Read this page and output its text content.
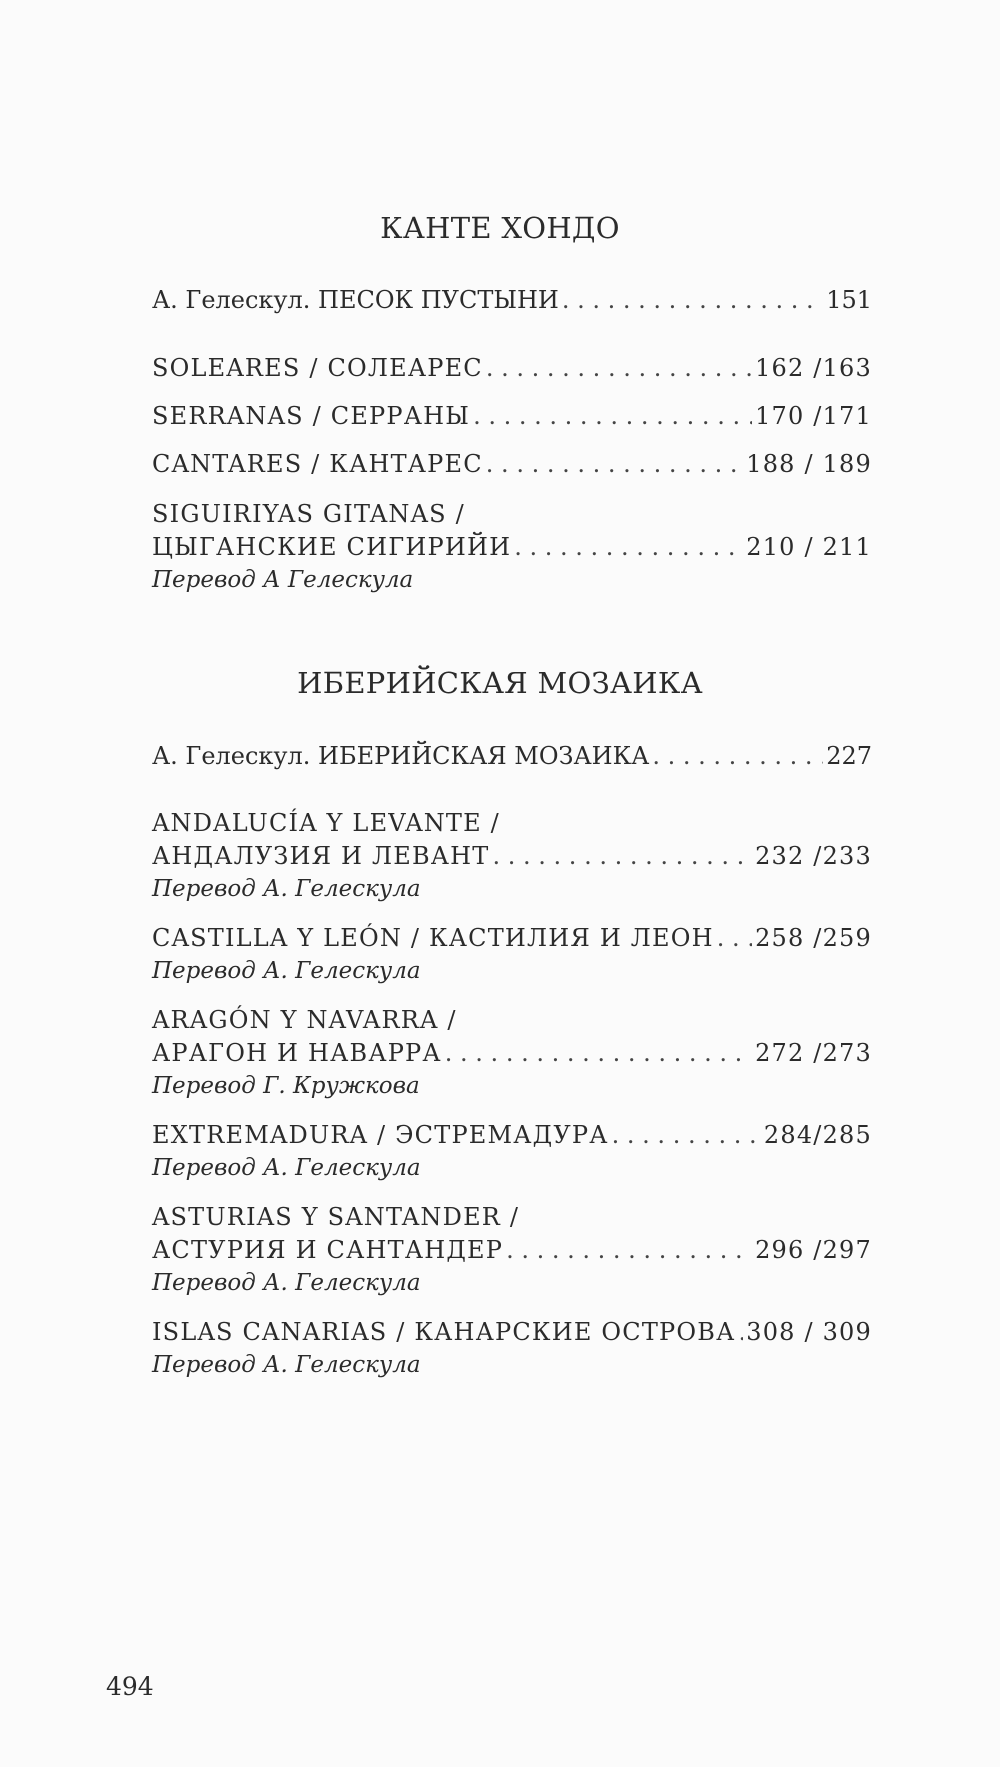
КАНТЕ ХОНДО
А. Гелескул. ПЕСОК ПУСТЫНИ . . .	151
SOLEARES / СОЛЕАРЕС . . .	162 /163
SERRANAS / СЕРРАНЫ . . .	170 /171
CANTARES / КАНТАРЕС . . .	188 / 189
SIGUIRIYAS GITANAS /
ЦЫГАНСКИЕ СИГИРИЙИ . . .	210 / 211
Перевод А Гелескула
ИБЕРИЙСКАЯ МОЗАИКА
А. Гелескул. ИБЕРИЙСКАЯ МОЗАИКА . . .	227
ANDALUCÍA Y LEVANTE /
АНДАЛУЗИЯ И ЛЕВАНТ . . .	232 /233
Перевод А. Гелескула
CASTILLA Y LEÓN / КАСТИЛИЯ И ЛЕОН . . . 258 /259
Перевод А. Гелескула
ARAGÓN Y NAVARRA /
АРАГОН И НАВАРРА . . .	272 /273
Перевод Г. Кружкова
EXTREMADURA / ЭСТРЕМАДУРА . . .	284/285
Перевод А. Гелескула
ASTURIAS Y SANTANDER /
АСТУРИЯ И САНТАНДЕР . . .	296 /297
Перевод А. Гелескула
ISLAS CANARIAS / КАНАРСКИЕ ОСТРОВА . . . 308 / 309
Перевод А. Гелескула
494
